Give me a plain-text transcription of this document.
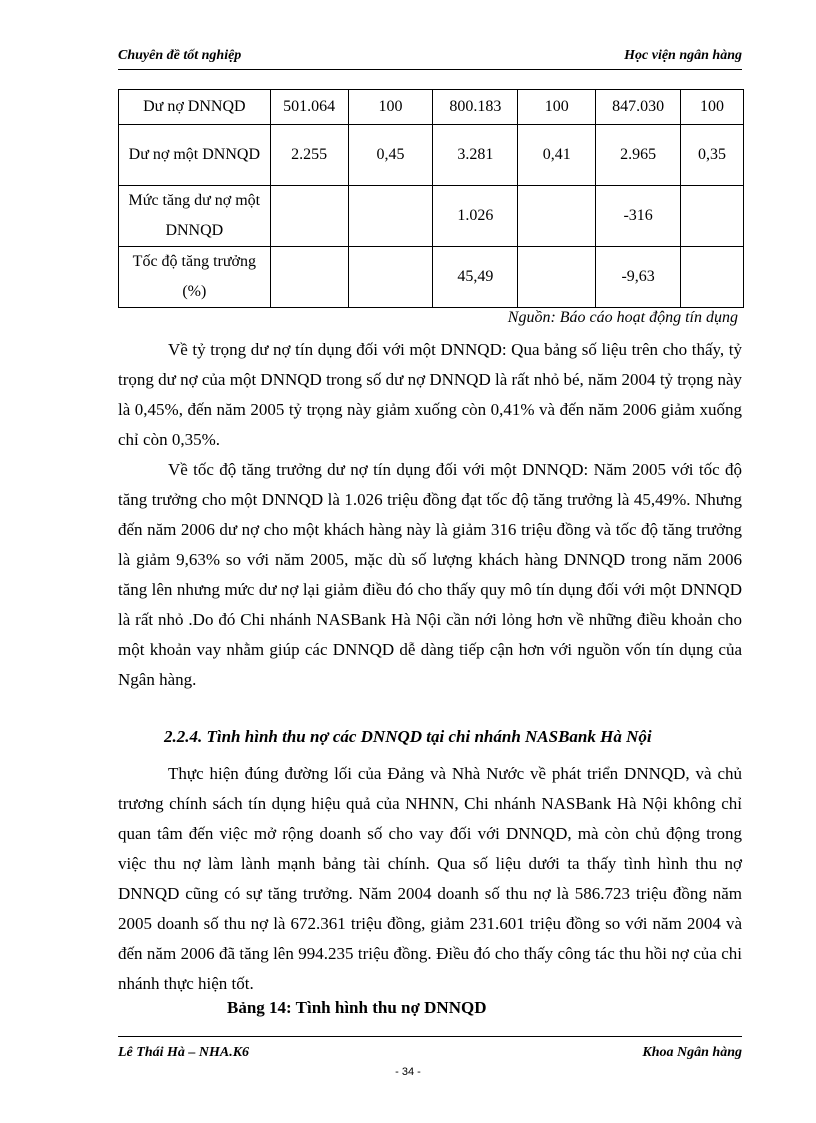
Chuyên đề tốt nghiệp	Học viện ngân hàng
Dư nợ DNNQD	501.064	100	800.183	100	847.030	100
Dư nợ một DNNQD	2.255	0,45	3.281	0,41	2.965	0,35
Mức tăng dư nợ một DNNQD			1.026		-316	
Tốc độ tăng trưởng (%)			45,49		-9,63	
Nguồn: Báo cáo hoạt động tín dụng

Về tỷ trọng dư nợ tín dụng đối với một DNNQD: Qua bảng số liệu trên cho thấy, tỷ trọng dư nợ của một DNNQD trong số dư nợ DNNQD là rất nhỏ bé, năm 2004 tỷ trọng này là 0,45%, đến năm 2005 tỷ trọng này giảm xuống còn 0,41% và đến năm 2006 giảm xuống chỉ còn 0,35%.

Về tốc độ tăng trưởng dư nợ tín dụng đối với một DNNQD: Năm 2005 với tốc độ tăng trưởng cho một DNNQD là 1.026 triệu đồng đạt tốc độ tăng trưởng là 45,49%. Nhưng đến năm 2006 dư nợ cho một khách hàng này là giảm 316 triệu đồng và tốc độ tăng trưởng là giảm 9,63% so với năm 2005, mặc dù số lượng khách hàng DNNQD trong năm 2006 tăng lên nhưng mức dư nợ lại giảm điều đó cho thấy quy mô tín dụng đối với một DNNQD là rất nhỏ .Do đó Chi nhánh NASBank Hà Nội cần nới lỏng hơn về những điều khoản cho một khoản vay nhằm giúp các DNNQD dễ dàng tiếp cận hơn với nguồn vốn tín dụng của Ngân hàng.

2.2.4. Tình hình thu nợ các DNNQD tại chi nhánh NASBank Hà Nội

Thực hiện đúng đường lối của Đảng và Nhà Nước về phát triển DNNQD, và chủ trương chính sách tín dụng hiệu quả của NHNN, Chi nhánh NASBank Hà Nội không chỉ quan tâm đến việc mở rộng doanh số cho vay đối với DNNQD, mà còn chủ động trong việc thu nợ làm lành mạnh bảng tài chính. Qua số liệu dưới ta thấy tình hình thu nợ DNNQD cũng có sự tăng trưởng. Năm 2004 doanh số thu nợ là 586.723 triệu đồng năm 2005 doanh số thu nợ là 672.361 triệu đồng, giảm 231.601 triệu đồng so với năm 2004 và đến năm 2006 đã tăng lên 994.235 triệu đồng. Điều đó cho thấy công tác thu hồi nợ của chi nhánh thực hiện tốt.

Bảng 14: Tình hình thu nợ DNNQD
Lê Thái Hà – NHA.K6	Khoa Ngân hàng
- 34 -
